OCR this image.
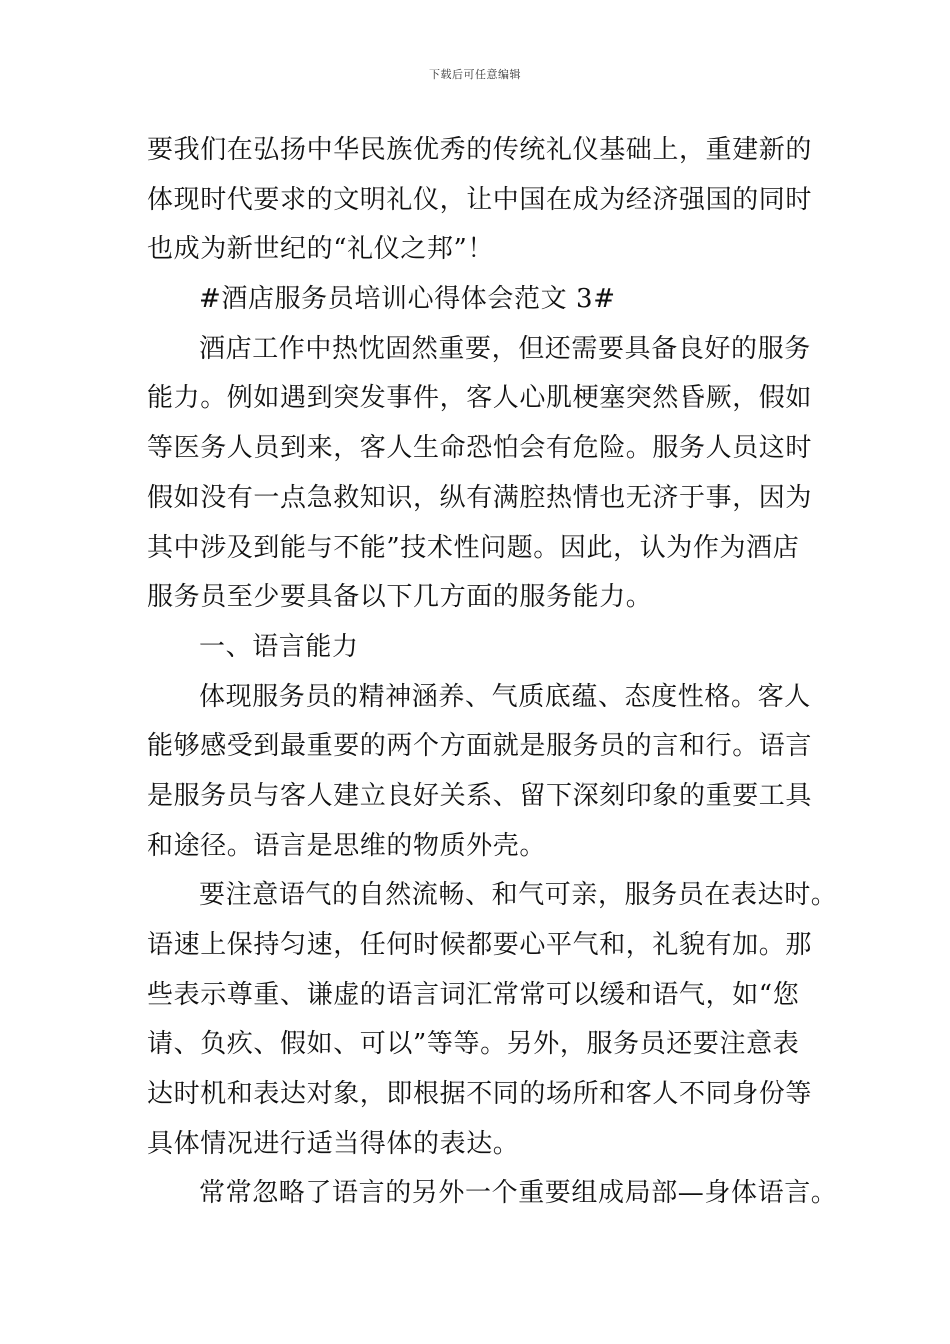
下载后可任意编辑
要我们在弘扬中华民族优秀的传统礼仪基础上，重建新的
体现时代要求的文明礼仪，让中国在成为经济强国的同时
也成为新世纪的“礼仪之邦”！
#酒店服务员培训心得体会范文 3#
酒店工作中热忱固然重要，但还需要具备良好的服务
能力。例如遇到突发事件，客人心肌梗塞突然昏厥，假如
等医务人员到来，客人生命恐怕会有危险。服务人员这时
假如没有一点急救知识，纵有满腔热情也无济于事，因为
其中涉及到能与不能”技术性问题。因此，认为作为酒店
服务员至少要具备以下几方面的服务能力。
一、语言能力
体现服务员的精神涵养、气质底蕴、态度性格。客人
能够感受到最重要的两个方面就是服务员的言和行。语言
是服务员与客人建立良好关系、留下深刻印象的重要工具
和途径。语言是思维的物质外壳。
要注意语气的自然流畅、和气可亲，服务员在表达时。
语速上保持匀速，任何时候都要心平气和，礼貌有加。那
些表示尊重、谦虚的语言词汇常常可以缓和语气，如“您
请、负疚、假如、可以”等等。另外，服务员还要注意表
达时机和表达对象，即根据不同的场所和客人不同身份等
具体情况进行适当得体的表达。
常常忽略了语言的另外一个重要组成局部—身体语言。
